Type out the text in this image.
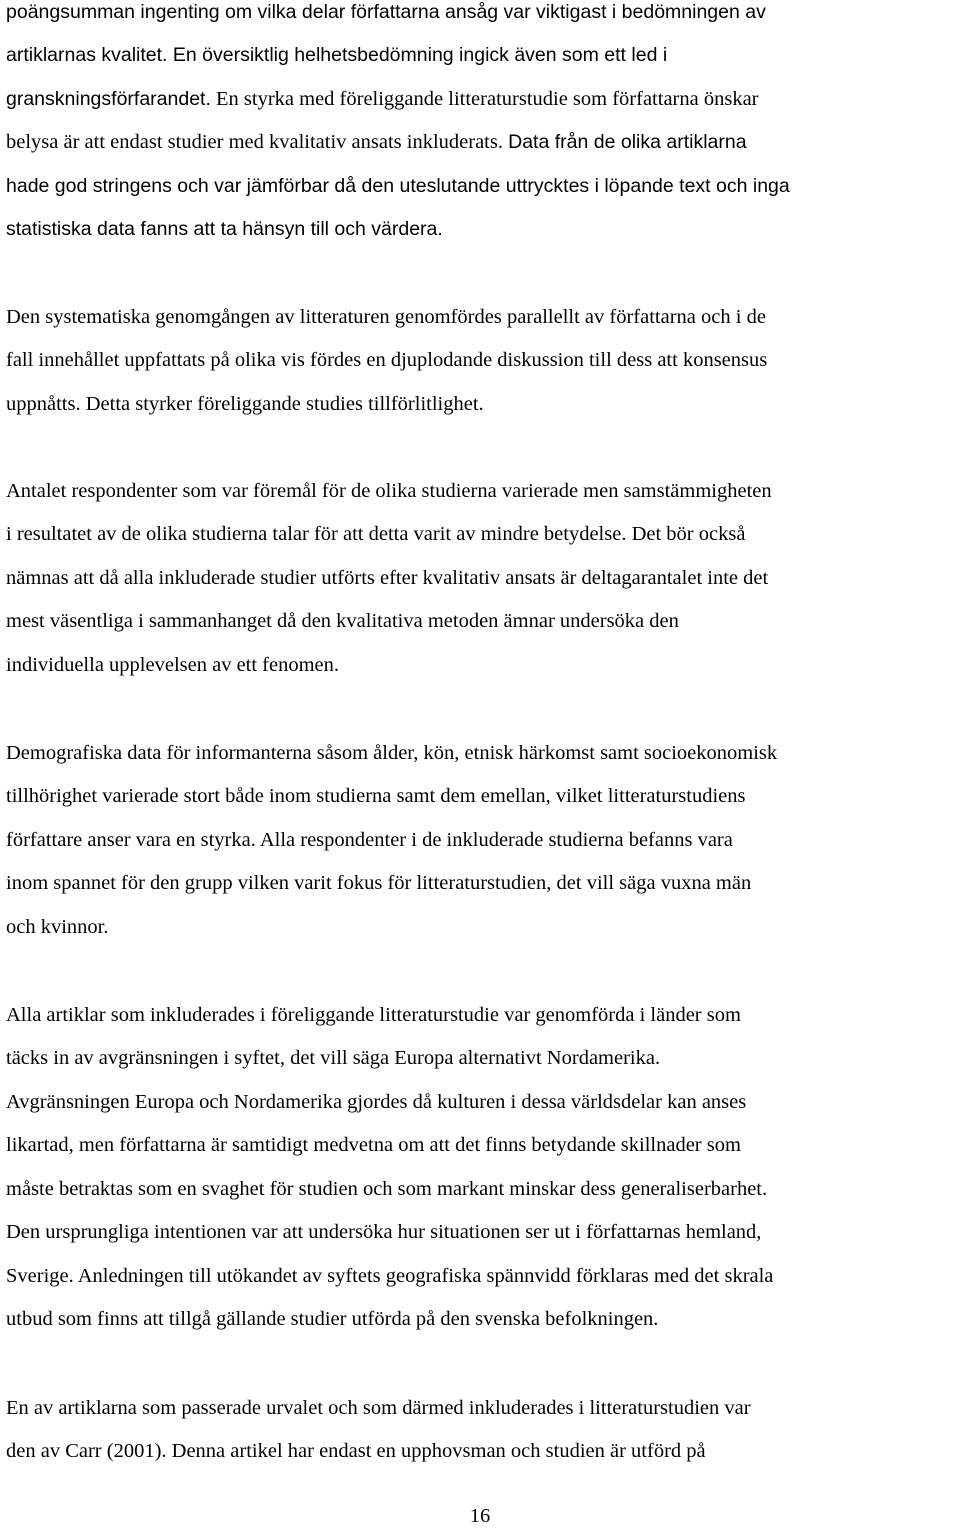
poängsumman ingenting om vilka delar författarna ansåg var viktigast i bedömningen av
artiklarnas kvalitet. En översiktlig helhetsbedömning ingick även som ett led i
granskningsförfarandet. En styrka med föreliggande litteraturstudie som författarna önskar
belysa är att endast studier med kvalitativ ansats inkluderats. Data från de olika artiklarna
hade god stringens och var jämförbar då den uteslutande uttrycktes i löpande text och inga
statistiska data fanns att ta hänsyn till och värdera.
Den systematiska genomgången av litteraturen genomfördes parallellt av författarna och i de
fall innehållet uppfattats på olika vis fördes en djuplodande diskussion till dess att konsensus
uppnåtts. Detta styrker föreliggande studies tillförlitlighet.
Antalet respondenter som var föremål för de olika studierna varierade men samstämmigheten
i resultatet av de olika studierna talar för att detta varit av mindre betydelse. Det bör också
nämnas att då alla inkluderade studier utförts efter kvalitativ ansats är deltagarantalet inte det
mest väsentliga i sammanhanget då den kvalitativa metoden ämnar undersöka den
individuella upplevelsen av ett fenomen.
Demografiska data för informanterna såsom ålder, kön, etnisk härkomst samt socioekonomisk
tillhörighet varierade stort både inom studierna samt dem emellan, vilket litteraturstudiens
författare anser vara en styrka. Alla respondenter i de inkluderade studierna befanns vara
inom spannet för den grupp vilken varit fokus för litteraturstudien, det vill säga vuxna män
och kvinnor.
Alla artiklar som inkluderades i föreliggande litteraturstudie var genomförda i länder som
täcks in av avgränsningen i syftet, det vill säga Europa alternativt Nordamerika.
Avgränsningen Europa och Nordamerika gjordes då kulturen i dessa världsdelar kan anses
likartad, men författarna är samtidigt medvetna om att det finns betydande skillnader som
måste betraktas som en svaghet för studien och som markant minskar dess generaliserbarhet.
Den ursprungliga intentionen var att undersöka hur situationen ser ut i författarnas hemland,
Sverige. Anledningen till utökandet av syftets geografiska spännvidd förklaras med det skrala
utbud som finns att tillgå gällande studier utförda på den svenska befolkningen.
En av artiklarna som passerade urvalet och som därmed inkluderades i litteraturstudien var
den av Carr (2001). Denna artikel har endast en upphovsman och studien är utförd på
16
